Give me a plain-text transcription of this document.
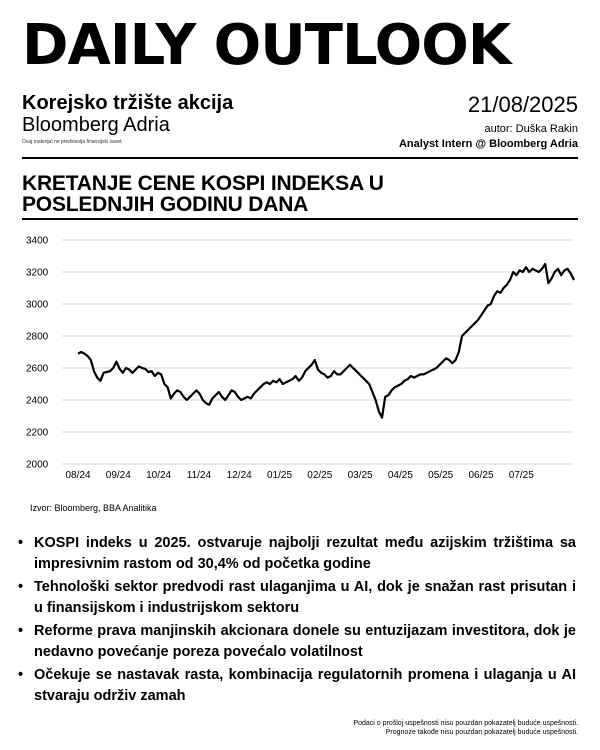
DAILY OUTLOOK
Korejsko tržište akcija
Bloomberg Adria
Ovaj materijal ne predstavlja finansijski savet.
21/08/2025
autor: Duška Rakin
Analyst Intern @ Bloomberg Adria
KRETANJE CENE KOSPI INDEKSA U POSLEDNJIH GODINU DANA
2000
2200
2400
2600
2800
3000
3200
3400
08/24 09/24 10/24 11/24 12/24 01/25 02/25 03/25 04/25 05/25 06/25 07/25
Izvor: Bloomberg, BBA Analitika
• KOSPI indeks u 2025. ostvaruje najbolji rezultat među azijskim tržištima sa impresivnim rastom od 30,4% od početka godine
• Tehnološki sektor predvodi rast ulaganjima u AI, dok je snažan rast prisutan i u finansijskom i industrijskom sektoru
• Reforme prava manjinskih akcionara donele su entuzijazam investitora, dok je nedavno povećanje poreza povećalo volatilnost
• Očekuje se nastavak rasta, kombinacija regulatornih promena i ulaganja u AI stvaraju održiv zamah
Podaci o prošloj uspešnosti nisu pouzdan pokazatelj buduće uspešnosti.
Prognoze takođe nisu pouzdan pokazatelj buduće uspešnosti.
